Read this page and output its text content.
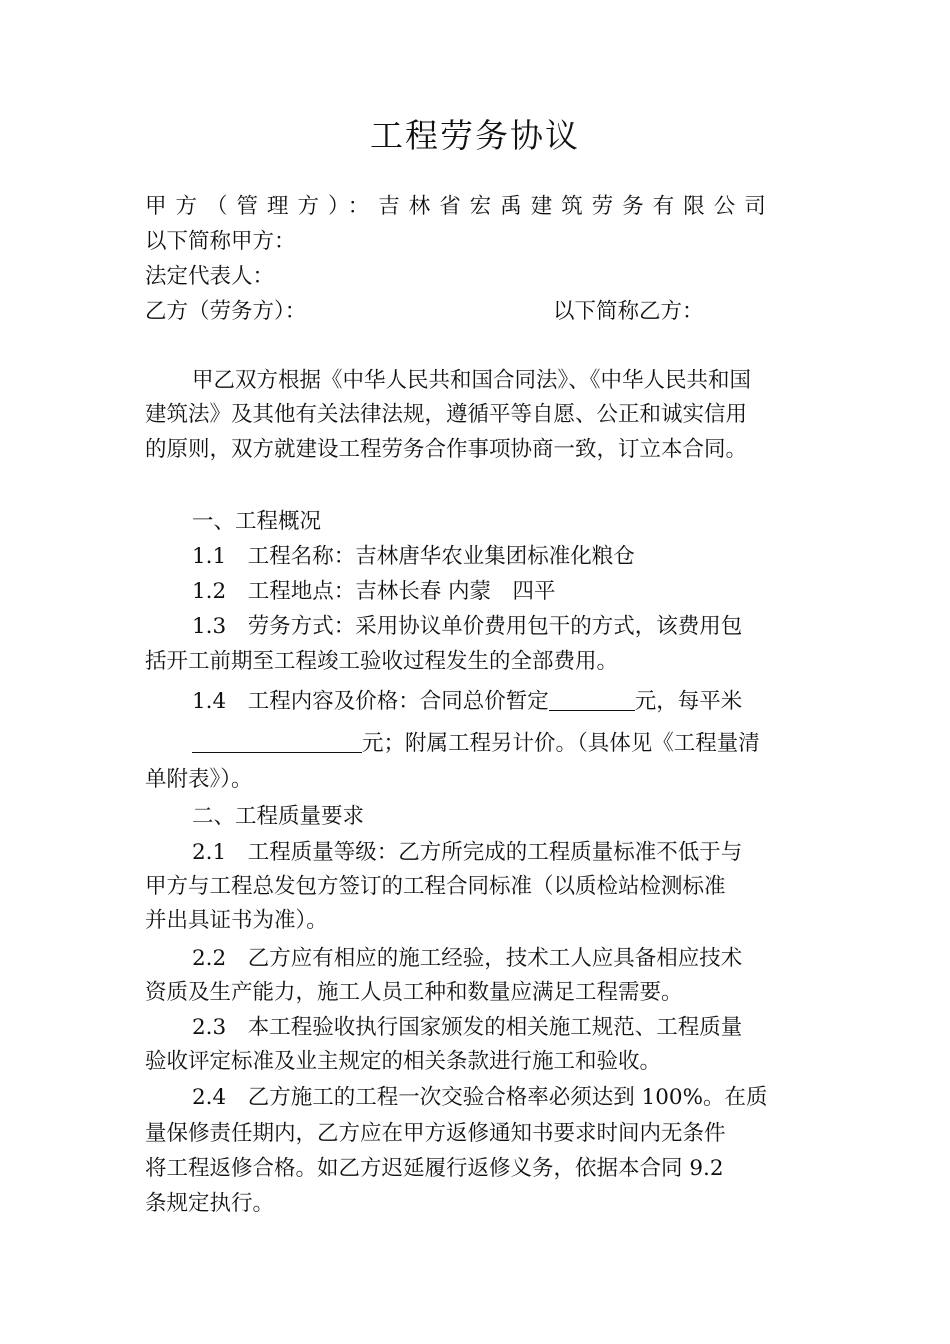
工程劳务协议
甲方（管理方）：吉林省宏禹建筑劳务有限公司
以下简称甲方：
法定代表人：
乙方（劳务方）：	以下简称乙方：
甲乙双方根据《中华人民共和国合同法》、《中华人民共和国
建筑法》及其他有关法律法规，遵循平等自愿、公正和诚实信用
的原则，双方就建设工程劳务合作事项协商一致，订立本合同。
一、工程概况
1.1　工程名称：吉林唐华农业集团标准化粮仓
1.2　工程地点：吉林长春 内蒙　四平
1.3　劳务方式：采用协议单价费用包干的方式，该费用包
括开工前期至工程竣工验收过程发生的全部费用。
1.4　工程内容及价格：合同总价暂定	元，每平米
元；附属工程另计价。（具体见《工程量清
单附表》）。
二、工程质量要求
2.1　工程质量等级：乙方所完成的工程质量标准不低于与
甲方与工程总发包方签订的工程合同标准（以质检站检测标准
并出具证书为准）。
2.2　乙方应有相应的施工经验，技术工人应具备相应技术
资质及生产能力，施工人员工种和数量应满足工程需要。
2.3　本工程验收执行国家颁发的相关施工规范、工程质量
验收评定标准及业主规定的相关条款进行施工和验收。
2.4　乙方施工的工程一次交验合格率必须达到 100%。在质
量保修责任期内，乙方应在甲方返修通知书要求时间内无条件
将工程返修合格。如乙方迟延履行返修义务，依据本合同 9.2
条规定执行。
